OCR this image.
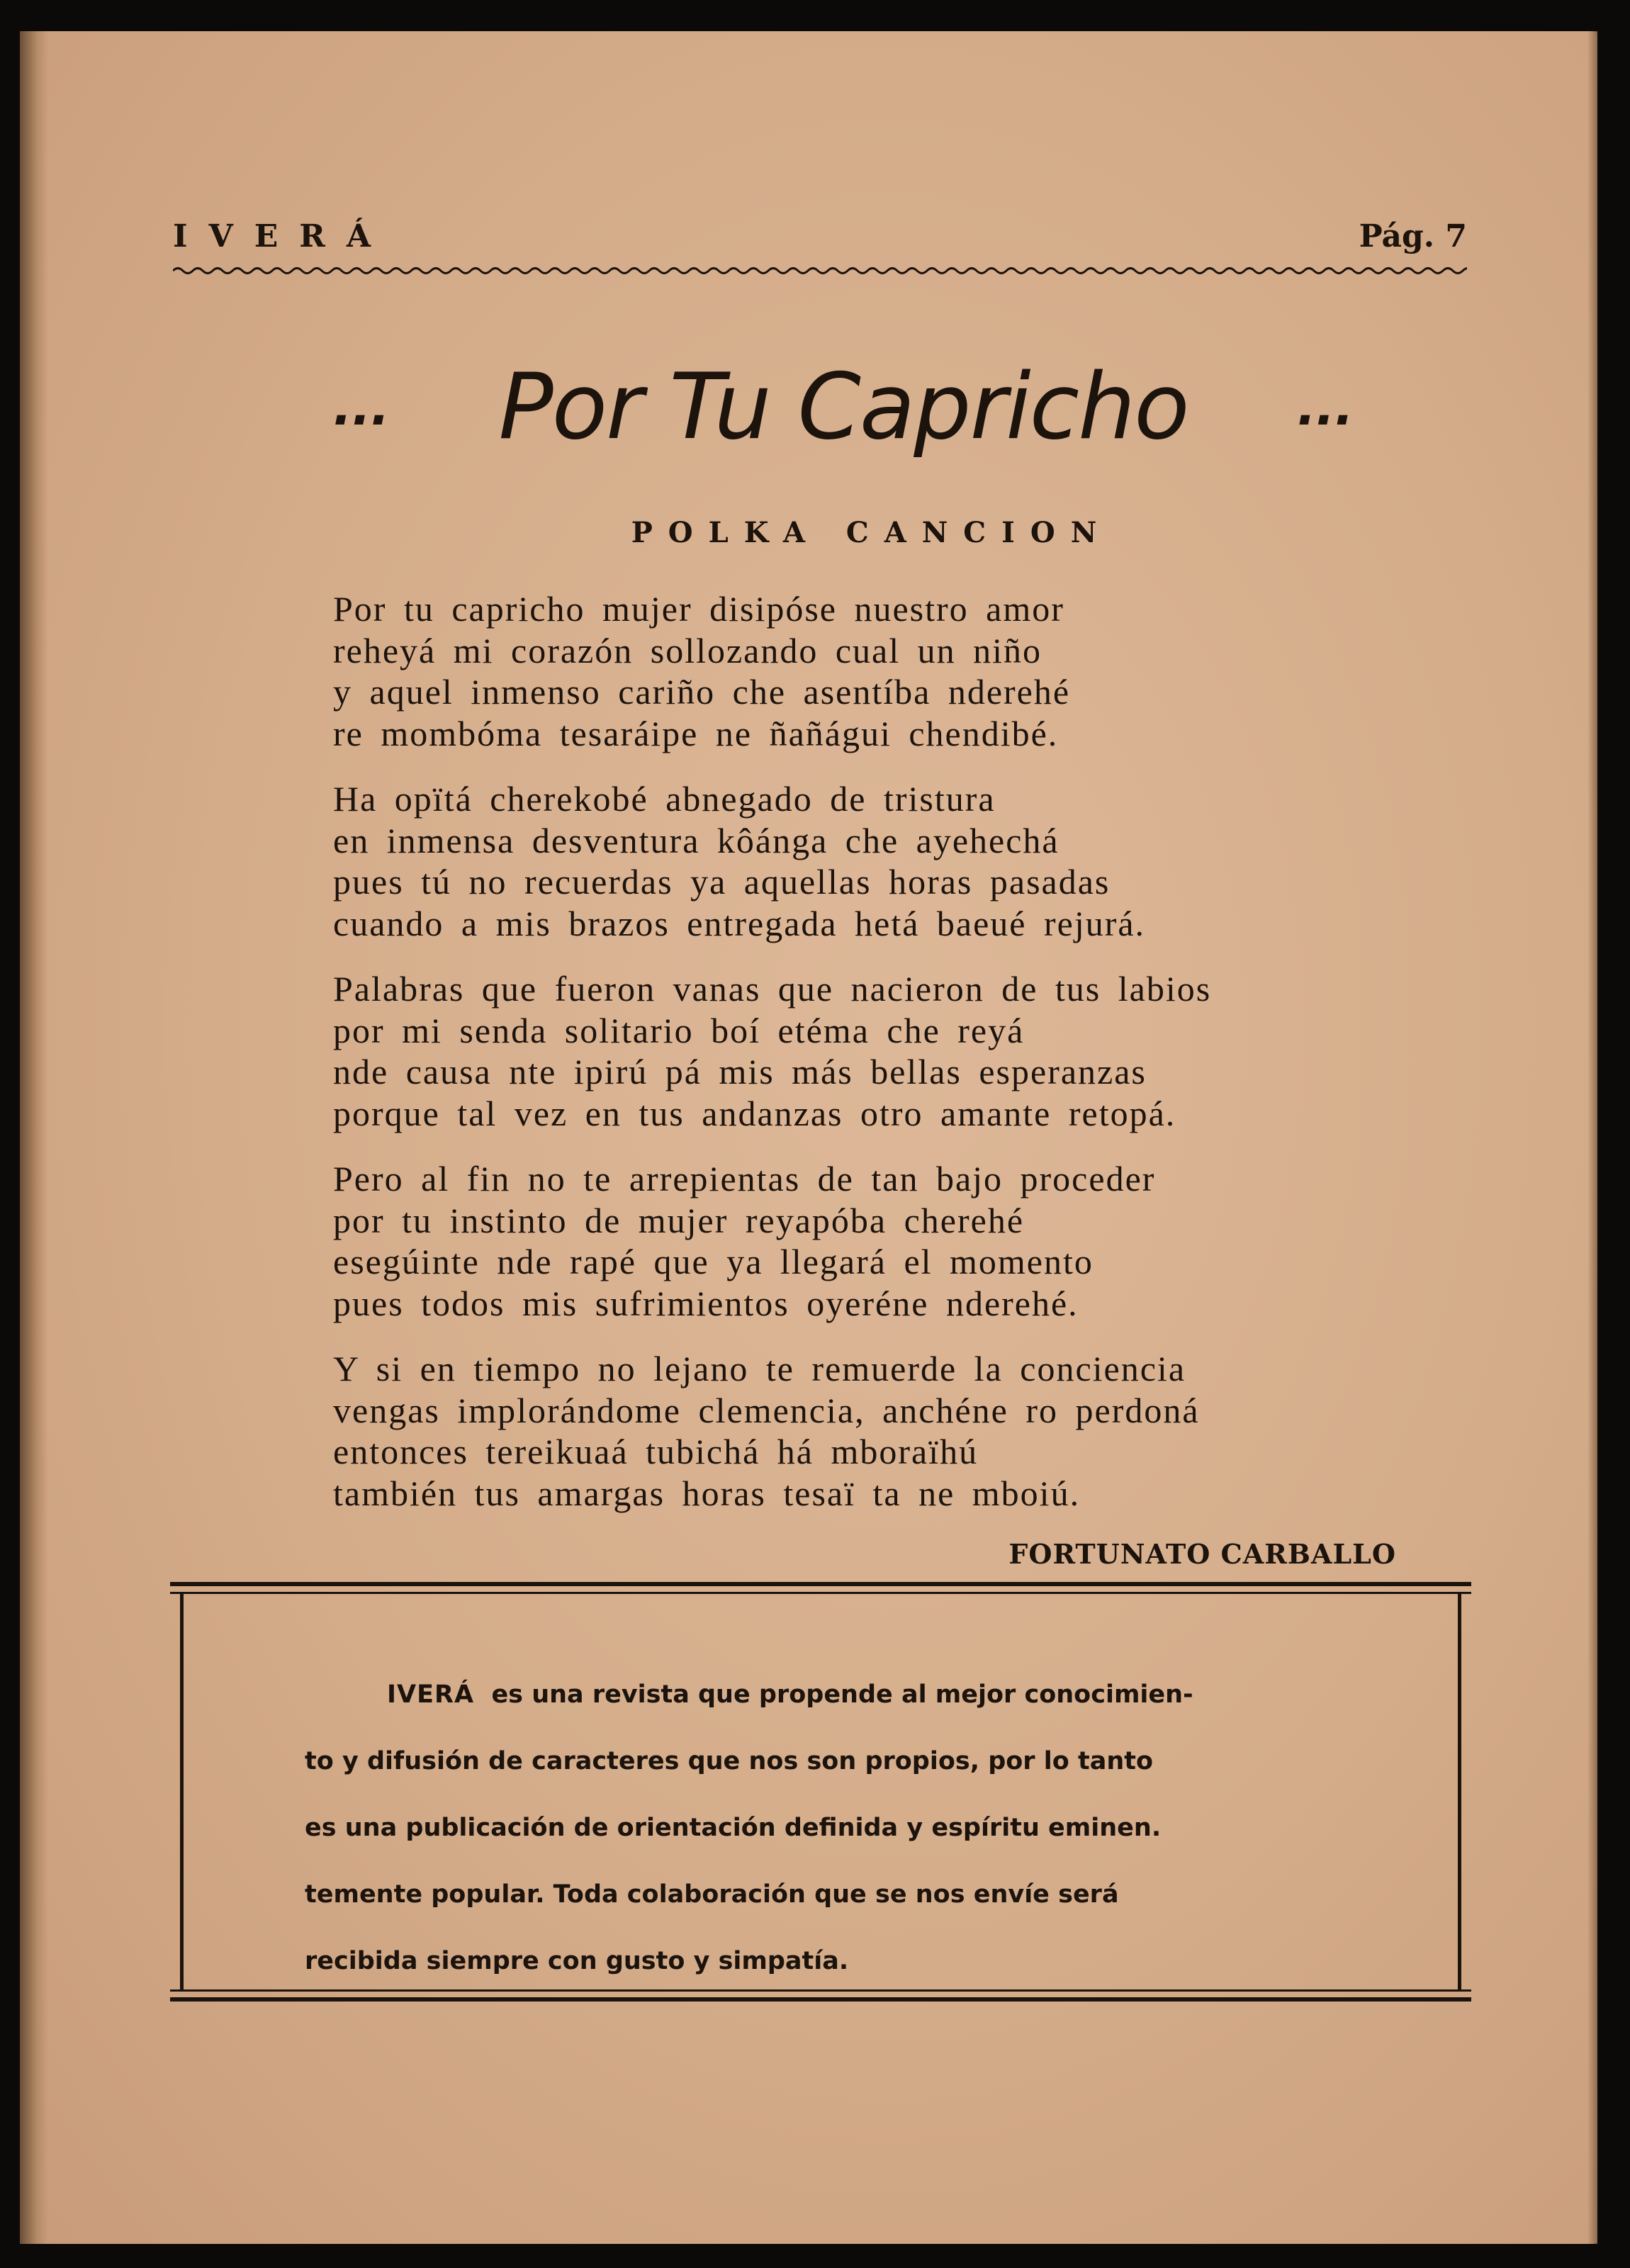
IVERÁ	Pág. 7
...	Por Tu Capricho	...
POLKA CANCION
Por tu capricho mujer disipóse nuestro amor
reheyá mi corazón sollozando cual un niño
y aquel inmenso cariño che asentíba nderehé
re mombóma tesaráipe ne ñañágui chendibé.
Ha opïtá cherekobé abnegado de tristura
en inmensa desventura kôánga che ayehechá
pues tú no recuerdas ya aquellas horas pasadas
cuando a mis brazos entregada hetá baeué rejurá.
Palabras que fueron vanas que nacieron de tus labios
por mi senda solitario boí etéma che reyá
nde causa nte ipirú pá mis más bellas esperanzas
porque tal vez en tus andanzas otro amante retopá.
Pero al fin no te arrepientas de tan bajo proceder
por tu instinto de mujer reyapóba cherehé
esegúinte nde rapé que ya llegará el momento
pues todos mis sufrimientos oyeréne nderehé.
Y si en tiempo no lejano te remuerde la conciencia
vengas implorándome clemencia, anchéne ro perdoná
entonces tereikuaá tubichá há mboraïhú
también tus amargas horas tesaï ta ne mboiú.
FORTUNATO CARBALLO
IVERÁ es una revista que propende al mejor conocimien-
to y difusión de caracteres que nos son propios, por lo tanto
es una publicación de orientación definida y espíritu eminen.
temente popular. Toda colaboración que se nos envíe será
recibida siempre con gusto y simpatía.
